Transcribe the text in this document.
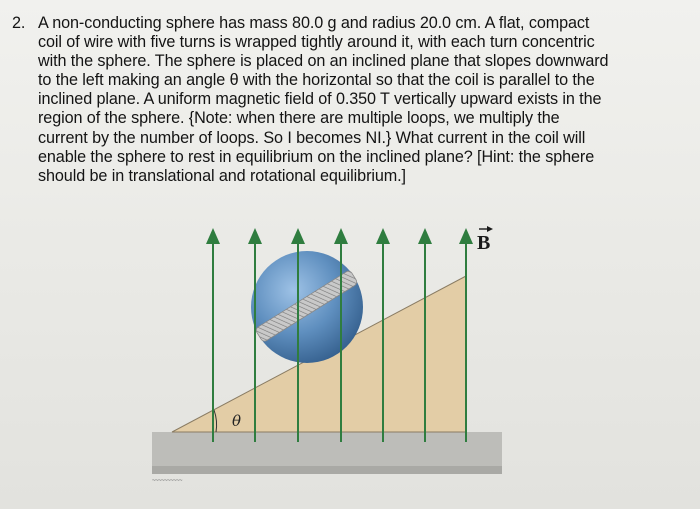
2. A non-conducting sphere has mass 80.0 g and radius 20.0 cm. A flat, compact
coil of wire with five turns is wrapped tightly around it, with each turn concentric
with the sphere. The sphere is placed on an inclined plane that slopes downward
to the left making an angle θ with the horizontal so that the coil is parallel to the
inclined plane. A uniform magnetic field of 0.350 T vertically upward exists in the
region of the sphere. {Note: when there are multiple loops, we multiply the
current by the number of loops. So I becomes NI.} What current in the coil will
enable the sphere to rest in equilibrium on the inclined plane? [Hint: the sphere
should be in translational and rotational equilibrium.]
θ
B
~~~~~~~~~~
